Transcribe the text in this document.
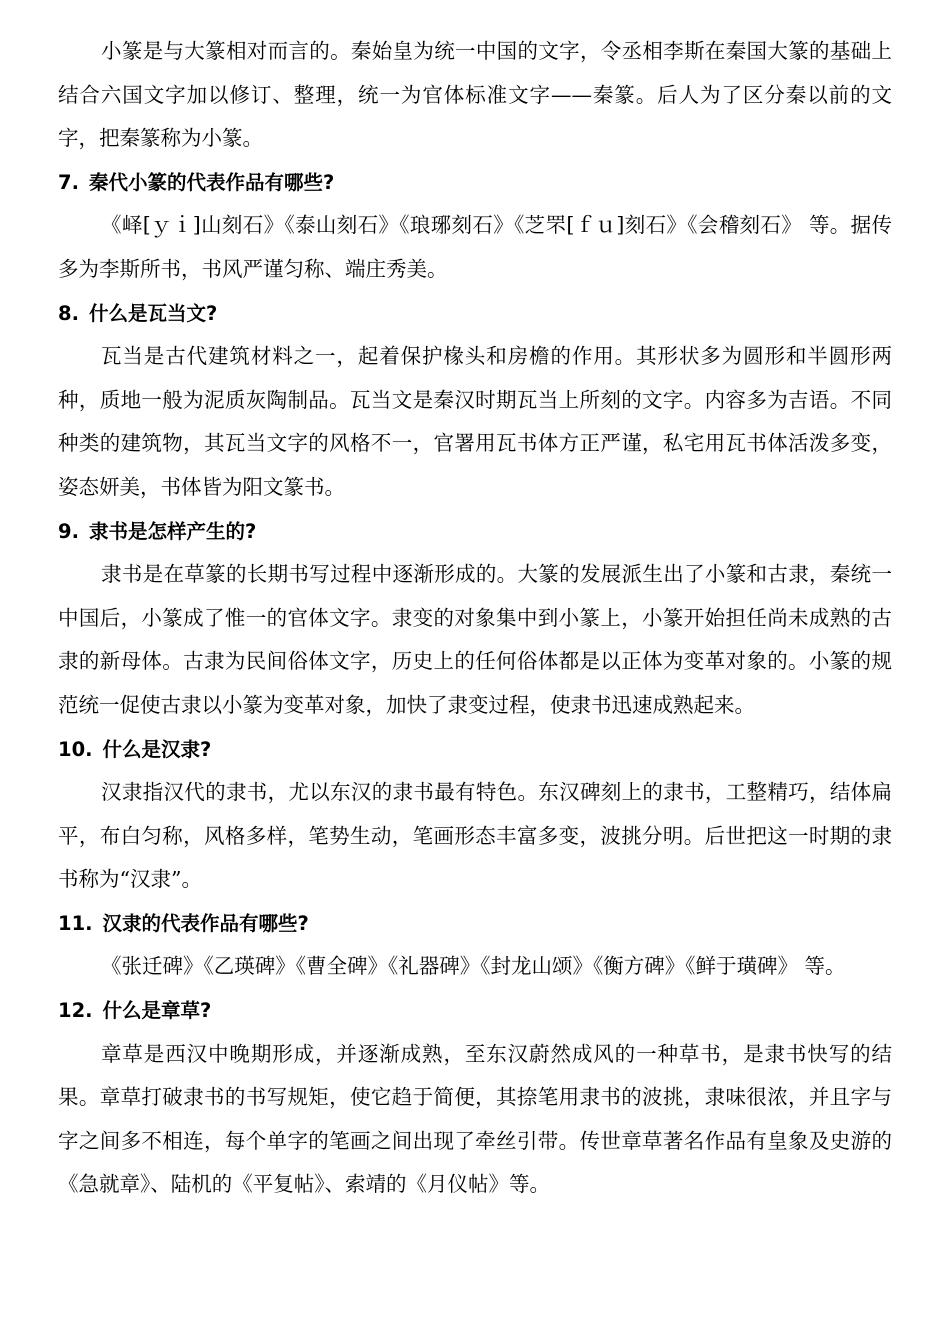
小篆是与大篆相对而言的。秦始皇为统一中国的文字，令丞相李斯在秦国大篆的基础上结合六国文字加以修订、整理，统一为官体标准文字——秦篆。后人为了区分秦以前的文字，把秦篆称为小篆。

7. 秦代小篆的代表作品有哪些?

《峄[ｙｉ]山刻石》《泰山刻石》《琅琊刻石》《芝罘[ｆｕ]刻石》《会稽刻石》 等。据传多为李斯所书，书风严谨匀称、端庄秀美。

8. 什么是瓦当文?

瓦当是古代建筑材料之一，起着保护椽头和房檐的作用。其形状多为圆形和半圆形两种，质地一般为泥质灰陶制品。瓦当文是秦汉时期瓦当上所刻的文字。内容多为吉语。不同种类的建筑物，其瓦当文字的风格不一，官署用瓦书体方正严谨，私宅用瓦书体活泼多变，姿态妍美，书体皆为阳文篆书。

9. 隶书是怎样产生的?

隶书是在草篆的长期书写过程中逐渐形成的。大篆的发展派生出了小篆和古隶，秦统一中国后，小篆成了惟一的官体文字。隶变的对象集中到小篆上，小篆开始担任尚未成熟的古隶的新母体。古隶为民间俗体文字，历史上的任何俗体都是以正体为变革对象的。小篆的规范统一促使古隶以小篆为变革对象，加快了隶变过程，使隶书迅速成熟起来。

10. 什么是汉隶?

汉隶指汉代的隶书，尤以东汉的隶书最有特色。东汉碑刻上的隶书，工整精巧，结体扁平，布白匀称，风格多样，笔势生动，笔画形态丰富多变，波挑分明。后世把这一时期的隶书称为“汉隶”。

11. 汉隶的代表作品有哪些?

《张迁碑》《乙瑛碑》《曹全碑》《礼器碑》《封龙山颂》《衡方碑》《鲜于璜碑》 等。

12. 什么是章草?

章草是西汉中晚期形成，并逐渐成熟，至东汉蔚然成风的一种草书，是隶书快写的结果。章草打破隶书的书写规矩，使它趋于简便，其捺笔用隶书的波挑，隶味很浓，并且字与字之间多不相连，每个单字的笔画之间出现了牵丝引带。传世章草著名作品有皇象及史游的《急就章》、陆机的《平复帖》、索靖的《月仪帖》等。
